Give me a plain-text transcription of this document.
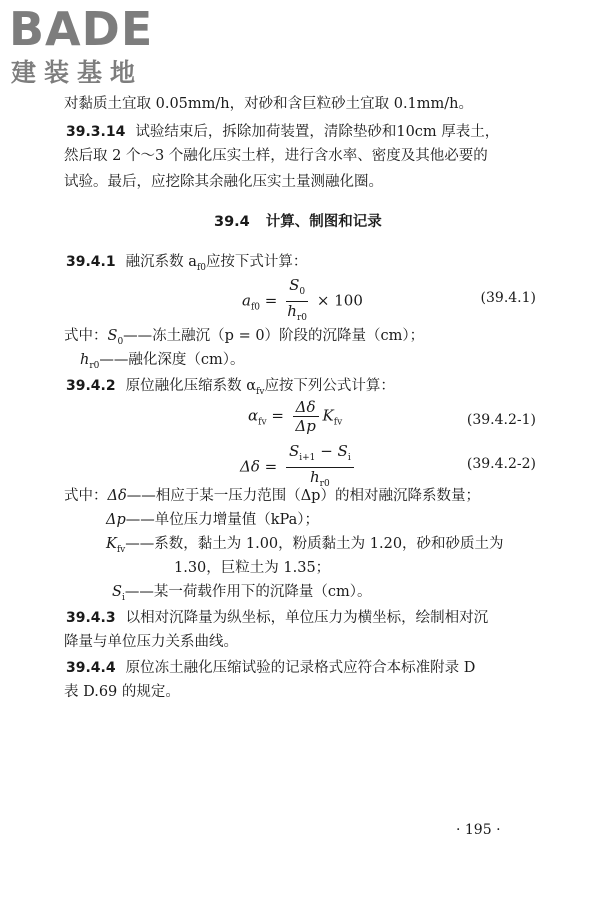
BADE
建装基地
对黏质土宜取 0.05mm/h，对砂和含巨粒砂土宜取 0.1mm/h。
39.3.14 试验结束后，拆除加荷装置，清除垫砂和10cm 厚表土，
然后取 2 个～3 个融化压实土样，进行含水率、密度及其他必要的
试验。最后，应挖除其余融化压实土量测融化圈。
39.4 计算、制图和记录
39.4.1 融沉系数 $a_{f0}$应按下式计算：
$a_{f0} = \frac{S_0}{h_{r0}} \times 100$	(39.4.1)
式中：$S_0——$冻土融沉（p = 0）阶段的沉降量（cm）；
$h_{r0}——$融化深度（cm）。
39.4.2 原位融化压缩系数 $\alpha_{fv}$应按下列公式计算：
$\alpha_{fv} = \frac{\Delta\delta}{\Delta p} K_{fv}$	(39.4.2-1)
$\Delta\delta = \frac{S_{i+1} - S_i}{h_{r0}}$	(39.4.2-2)
式中：Δδ——相应于某一压力范围（Δp）的相对融沉降系数量；
Δp——单位压力增量值（kPa）；
$K_{fv}——$系数，黏土为 1.00，粉质黏土为 1.20，砂和砂质土为
1.30，巨粒土为 1.35；
$S_i——$某一荷载作用下的沉降量（cm）。
39.4.3 以相对沉降量为纵坐标，单位压力为横坐标，绘制相对沉
降量与单位压力关系曲线。
39.4.4 原位冻土融化压缩试验的记录格式应符合本标准附录 D
表 D.69 的规定。
· 195 ·
